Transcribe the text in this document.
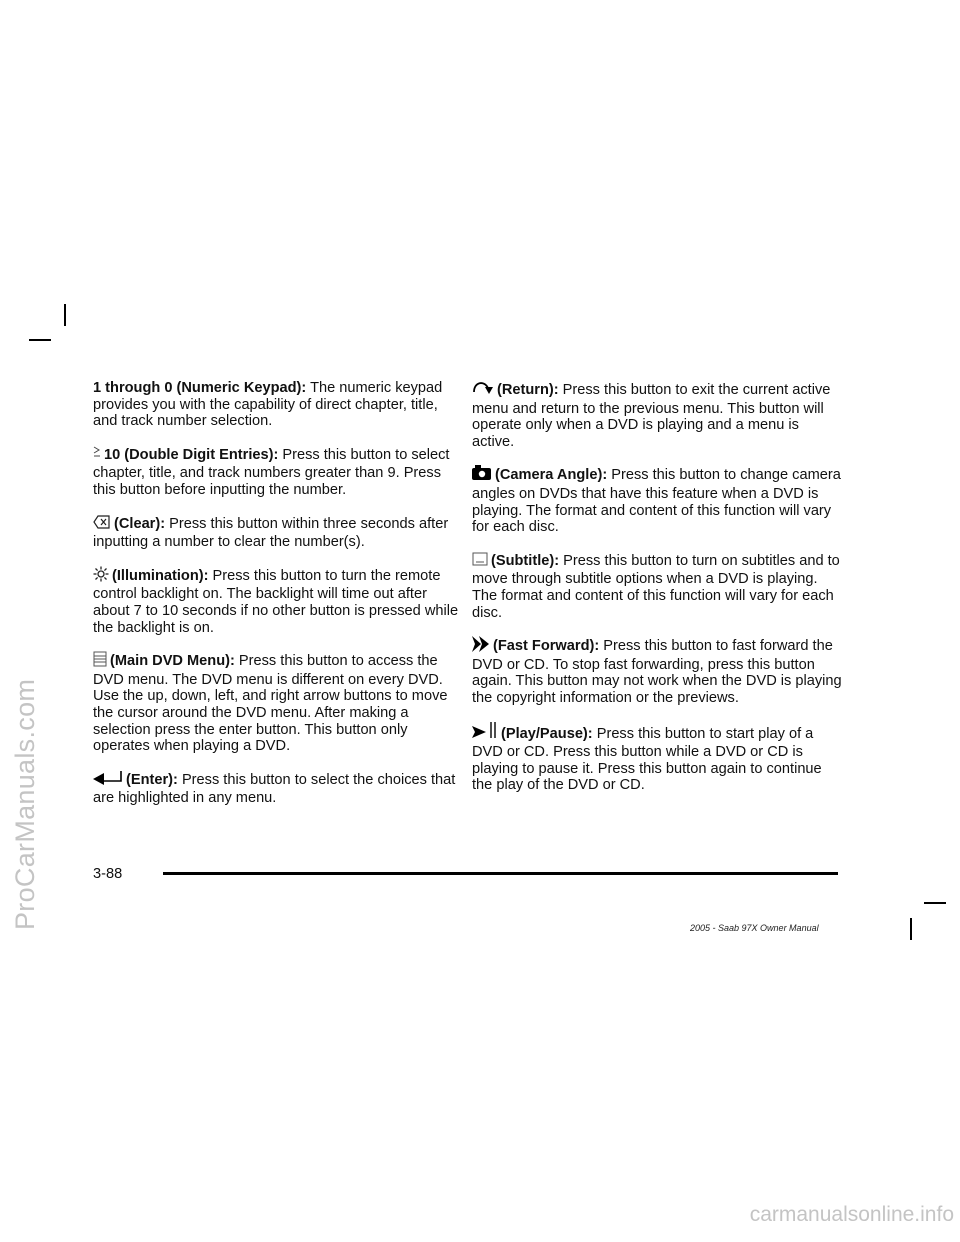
ProCarManuals.com

1 through 0 (Numeric Keypad): The numeric keypad provides you with the capability of direct chapter, title, and track number selection.

10 (Double Digit Entries): Press this button to select chapter, title, and track numbers greater than 9. Press this button before inputting the number.

(Clear): Press this button within three seconds after inputting a number to clear the number(s).

(Illumination): Press this button to turn the remote control backlight on. The backlight will time out after about 7 to 10 seconds if no other button is pressed while the backlight is on.

(Main DVD Menu): Press this button to access the DVD menu. The DVD menu is different on every DVD. Use the up, down, left, and right arrow buttons to move the cursor around the DVD menu. After making a selection press the enter button. This button only operates when playing a DVD.

(Enter): Press this button to select the choices that are highlighted in any menu.

(Return): Press this button to exit the current active menu and return to the previous menu. This button will operate only when a DVD is playing and a menu is active.

(Camera Angle): Press this button to change camera angles on DVDs that have this feature when a DVD is playing. The format and content of this function will vary for each disc.

(Subtitle): Press this button to turn on subtitles and to move through subtitle options when a DVD is playing. The format and content of this function will vary for each disc.

(Fast Forward): Press this button to fast forward the DVD or CD. To stop fast forwarding, press this button again. This button may not work when the DVD is playing the copyright information or the previews.

(Play/Pause): Press this button to start play of a DVD or CD. Press this button while a DVD or CD is playing to pause it. Press this button again to continue the play of the DVD or CD.

3-88
2005 - Saab 97X Owner Manual
carmanualsonline.info
